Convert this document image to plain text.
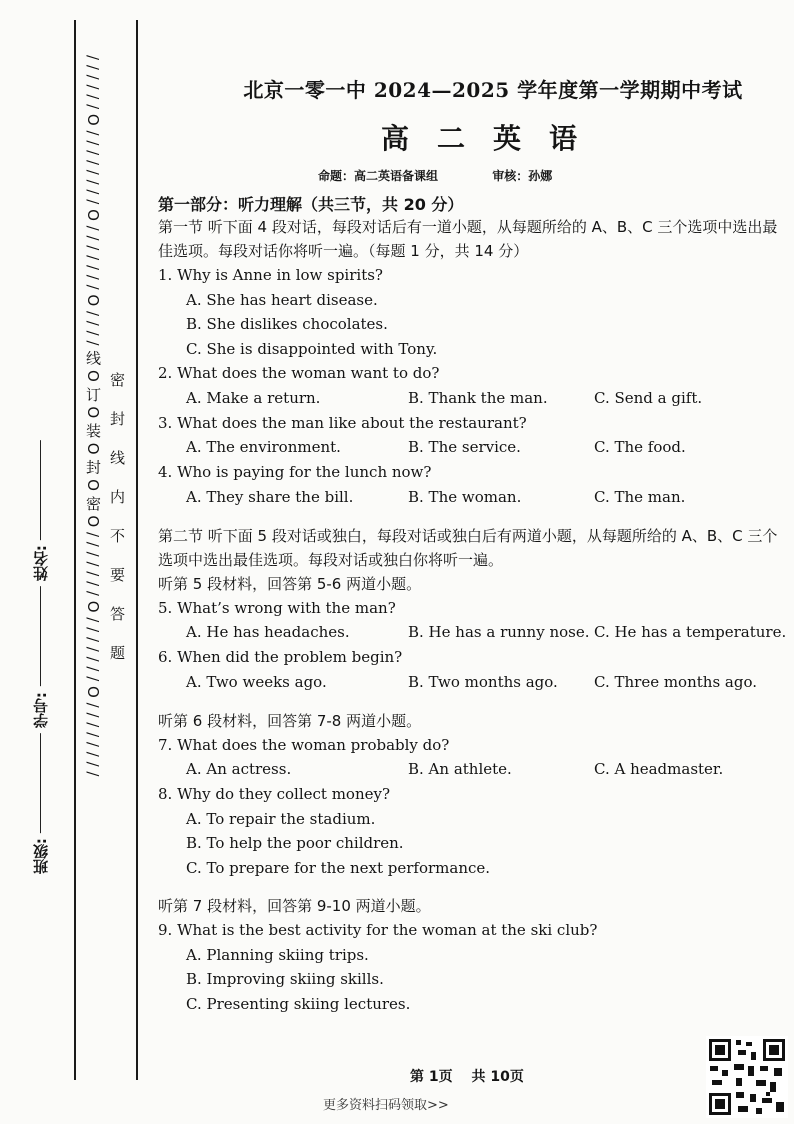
/ / / / / / O / / / / / / / / O / / / / / / / O / / / / 线 O 订 O 装 O 封 O 密 O / / / / / / / O / / / / / / / O / / / / / / / / 密封线内不要答题
班级:  学号:  姓名:
北京一零一中 2024—2025 学年度第一学期期中考试
高二英语
命题：高二英语备课组	审核：孙娜
第一部分：听力理解（共三节，共 20 分）
第一节 听下面 4 段对话，每段对话后有一道小题，从每题所给的 A、B、C 三个选项中选出最佳选项。每段对话你将听一遍。（每题 1 分，共 14 分）
1. Why is Anne in low spirits?
A. She has heart disease.
B. She dislikes chocolates.
C. She is disappointed with Tony.
2. What does the woman want to do?
A. Make a return.	B. Thank the man.	C. Send a gift.
3. What does the man like about the restaurant?
A. The environment.	B. The service.	C. The food.
4. Who is paying for the lunch now?
A. They share the bill.	B. The woman.	C. The man.
第二节 听下面 5 段对话或独白，每段对话或独白后有两道小题，从每题所给的 A、B、C 三个选项中选出最佳选项。每段对话或独白你将听一遍。
听第 5 段材料，回答第 5-6 两道小题。
5. What’s wrong with the man?
A. He has headaches.	B. He has a runny nose. C. He has a temperature.
6. When did the problem begin?
A. Two weeks ago.	B. Two months ago.	C. Three months ago.
听第 6 段材料，回答第 7-8 两道小题。
7. What does the woman probably do?
A. An actress.	B. An athlete.	C. A headmaster.
8. Why do they collect money?
A. To repair the stadium.
B. To help the poor children.
C. To prepare for the next performance.
听第 7 段材料，回答第 9-10 两道小题。
9. What is the best activity for the woman at the ski club?
A. Planning skiing trips.
B. Improving skiing skills.
C. Presenting skiing lectures.
第 1页 共 10页
更多资料扫码领取>>
